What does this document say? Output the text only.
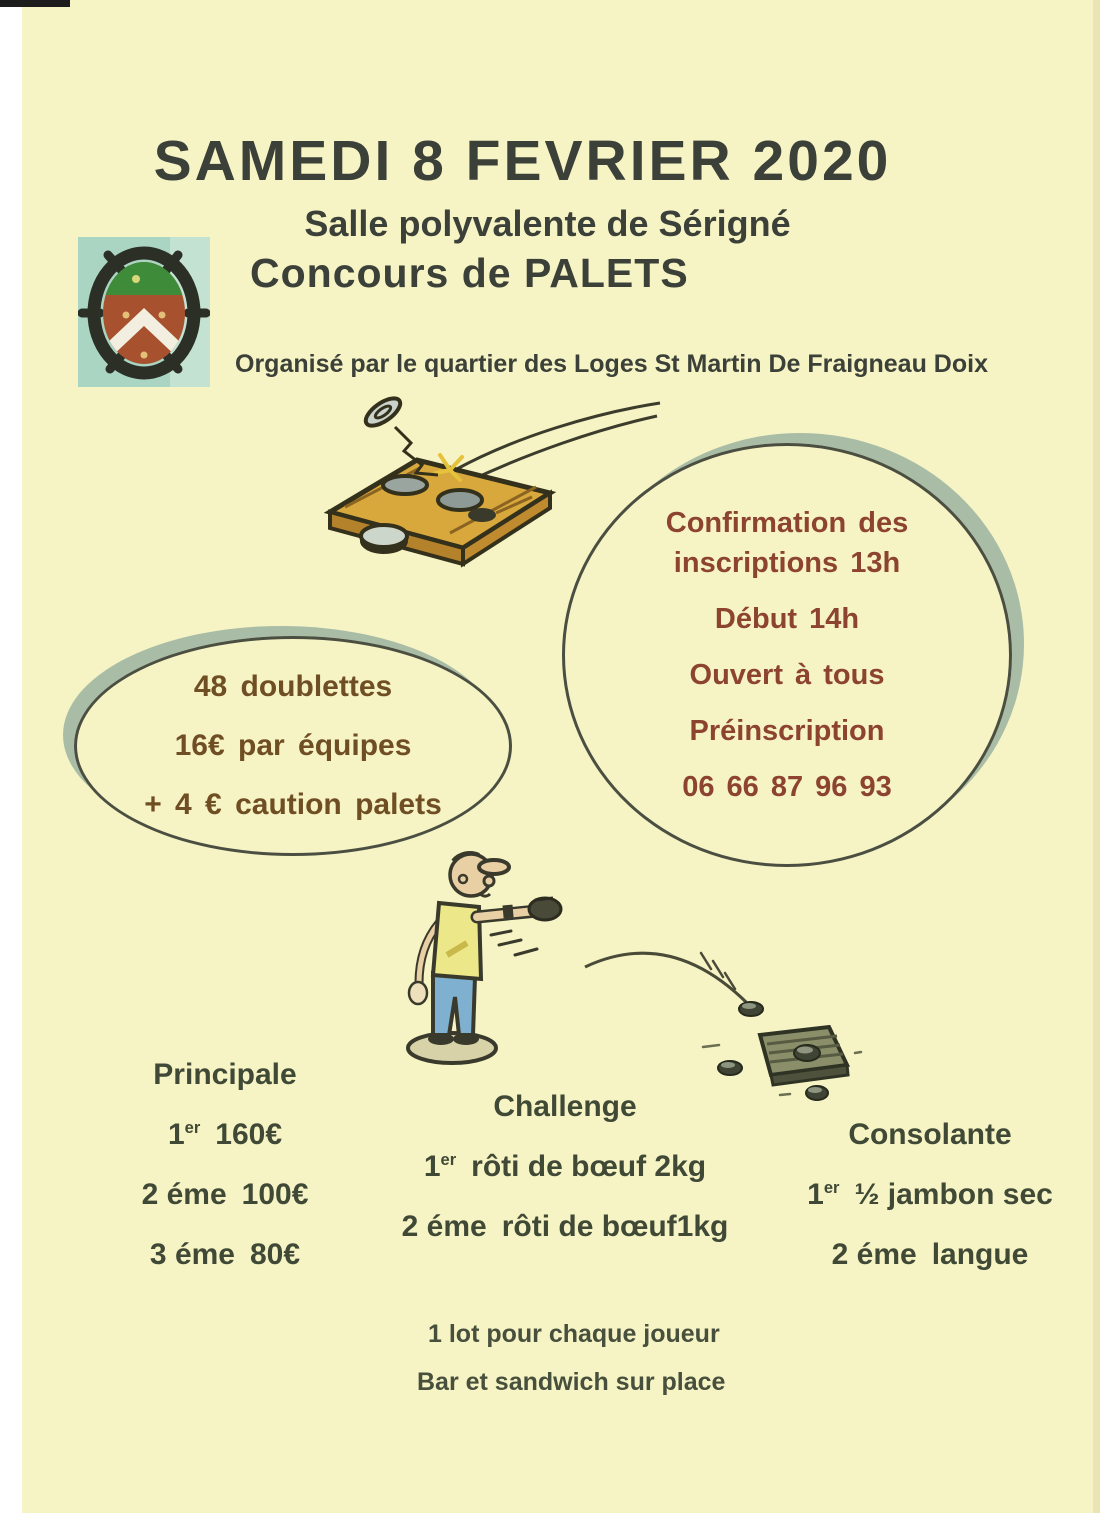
SAMEDI 8 FEVRIER 2020
Salle polyvalente de Sérigné
Concours de PALETS
Organisé par le quartier des Loges St Martin De Fraigneau Doix
48 doublettes
16€ par équipes
+ 4 € caution palets
Confirmation des
inscriptions 13h
Début 14h
Ouvert à tous
Préinscription
06 66 87 96 93
Principale
1er 160€
2 éme 100€
3 éme 80€
Challenge
1er rôti de bœuf 2kg
2 éme rôti de bœuf1kg
Consolante
1er ½ jambon sec
2 éme langue
1 lot pour chaque joueur
Bar et sandwich sur place
